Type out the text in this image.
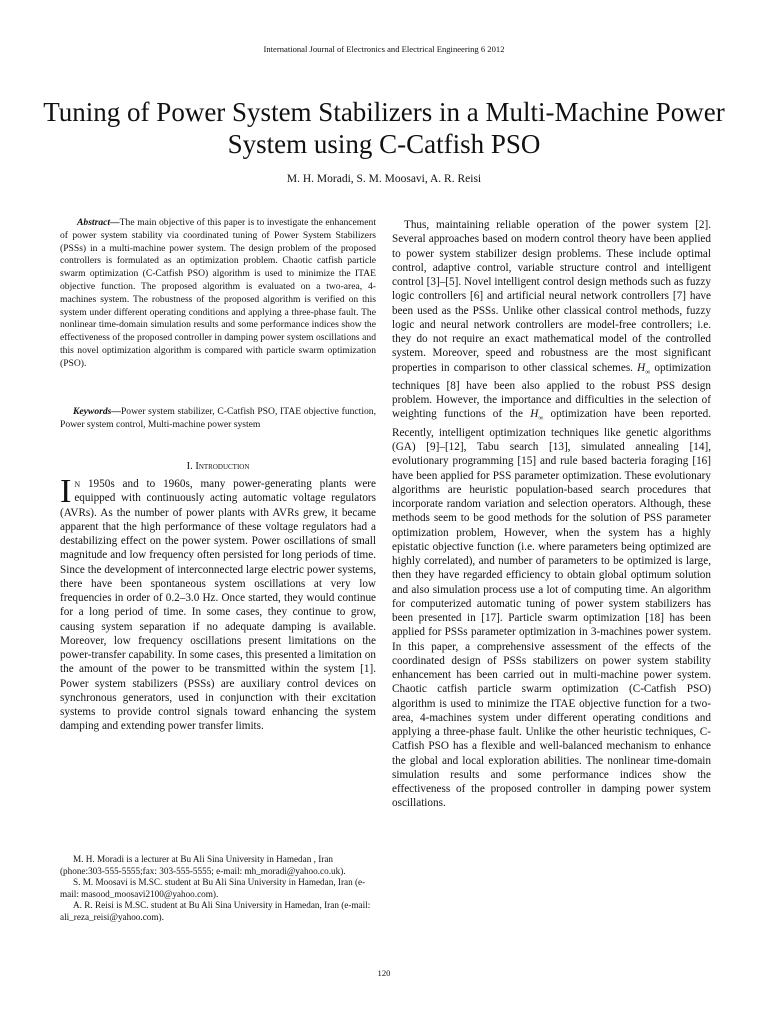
International Journal of Electronics and Electrical Engineering 6 2012
Tuning of Power System Stabilizers in a Multi-Machine Power System using C-Catfish PSO
M. H. Moradi, S. M. Moosavi, A. R. Reisi

Abstract—The main objective of this paper is to investigate the enhancement of power system stability via coordinated tuning of Power System Stabilizers (PSSs) in a multi-machine power system. The design problem of the proposed controllers is formulated as an optimization problem. Chaotic catfish particle swarm optimization (C-Catfish PSO) algorithm is used to minimize the ITAE objective function. The proposed algorithm is evaluated on a two-area, 4-machines system. The robustness of the proposed algorithm is verified on this system under different operating conditions and applying a three-phase fault. The nonlinear time-domain simulation results and some performance indices show the effectiveness of the proposed controller in damping power system oscillations and this novel optimization algorithm is compared with particle swarm optimization (PSO).

Keywords—Power system stabilizer, C-Catfish PSO, ITAE objective function, Power system control, Multi-machine power system

I. Introduction

In 1950s and to 1960s, many power-generating plants were equipped with continuously acting automatic voltage regulators (AVRs). As the number of power plants with AVRs grew, it became apparent that the high performance of these voltage regulators had a destabilizing effect on the power system. Power oscillations of small magnitude and low frequency often persisted for long periods of time. Since the development of interconnected large electric power systems, there have been spontaneous system oscillations at very low frequencies in order of 0.2–3.0 Hz. Once started, they would continue for a long period of time. In some cases, they continue to grow, causing system separation if no adequate damping is available. Moreover, low frequency oscillations present limitations on the power-transfer capability. In some cases, this presented a limitation on the amount of the power to be transmitted within the system [1]. Power system stabilizers (PSSs) are auxiliary control devices on synchronous generators, used in conjunction with their excitation systems to provide control signals toward enhancing the system damping and extending power transfer limits.

M. H. Moradi is a lecturer at Bu Ali Sina University in Hamedan , Iran (phone:303-555-5555;fax: 303-555-5555; e-mail: mh_moradi@yahoo.co.uk).

S. M. Moosavi is M.SC. student at Bu Ali Sina University in Hamedan, Iran (e-mail: masood_moosavi2100@yahoo.com).

A. R. Reisi is M.SC. student at Bu Ali Sina University in Hamedan, Iran (e-mail: ali_reza_reisi@yahoo.com).

Thus, maintaining reliable operation of the power system [2]. Several approaches based on modern control theory have been applied to power system stabilizer design problems. These include optimal control, adaptive control, variable structure control and intelligent control [3]–[5]. Novel intelligent control design methods such as fuzzy logic controllers [6] and artificial neural network controllers [7] have been used as the PSSs. Unlike other classical control methods, fuzzy logic and neural network controllers are model-free controllers; i.e. they do not require an exact mathematical model of the controlled system. Moreover, speed and robustness are the most significant properties in comparison to other classical schemes. $H_\infty$ optimization techniques [8] have been also applied to the robust PSS design problem. However, the importance and difficulties in the selection of weighting functions of the $H_\infty$ optimization have been reported. Recently, intelligent optimization techniques like genetic algorithms (GA) [9]–[12], Tabu search [13], simulated annealing [14], evolutionary programming [15] and rule based bacteria foraging [16] have been applied for PSS parameter optimization. These evolutionary algorithms are heuristic population-based search procedures that incorporate random variation and selection operators. Although, these methods seem to be good methods for the solution of PSS parameter optimization problem, However, when the system has a highly epistatic objective function (i.e. where parameters being optimized are highly correlated), and number of parameters to be optimized is large, then they have regarded efficiency to obtain global optimum solution and also simulation process use a lot of computing time. An algorithm for computerized automatic tuning of power system stabilizers has been presented in [17]. Particle swarm optimization [18] has been applied for PSSs parameter optimization in 3-machines power system. In this paper, a comprehensive assessment of the effects of the coordinated design of PSSs stabilizers on power system stability enhancement has been carried out in multi-machine power system. Chaotic catfish particle swarm optimization (C-Catfish PSO) algorithm is used to minimize the ITAE objective function for a two-area, 4-machines system under different operating conditions and applying a three-phase fault. Unlike the other heuristic techniques, C-Catfish PSO has a flexible and well-balanced mechanism to enhance the global and local exploration abilities. The nonlinear time-domain simulation results and some performance indices show the effectiveness of the proposed controller in damping power system oscillations.

120
